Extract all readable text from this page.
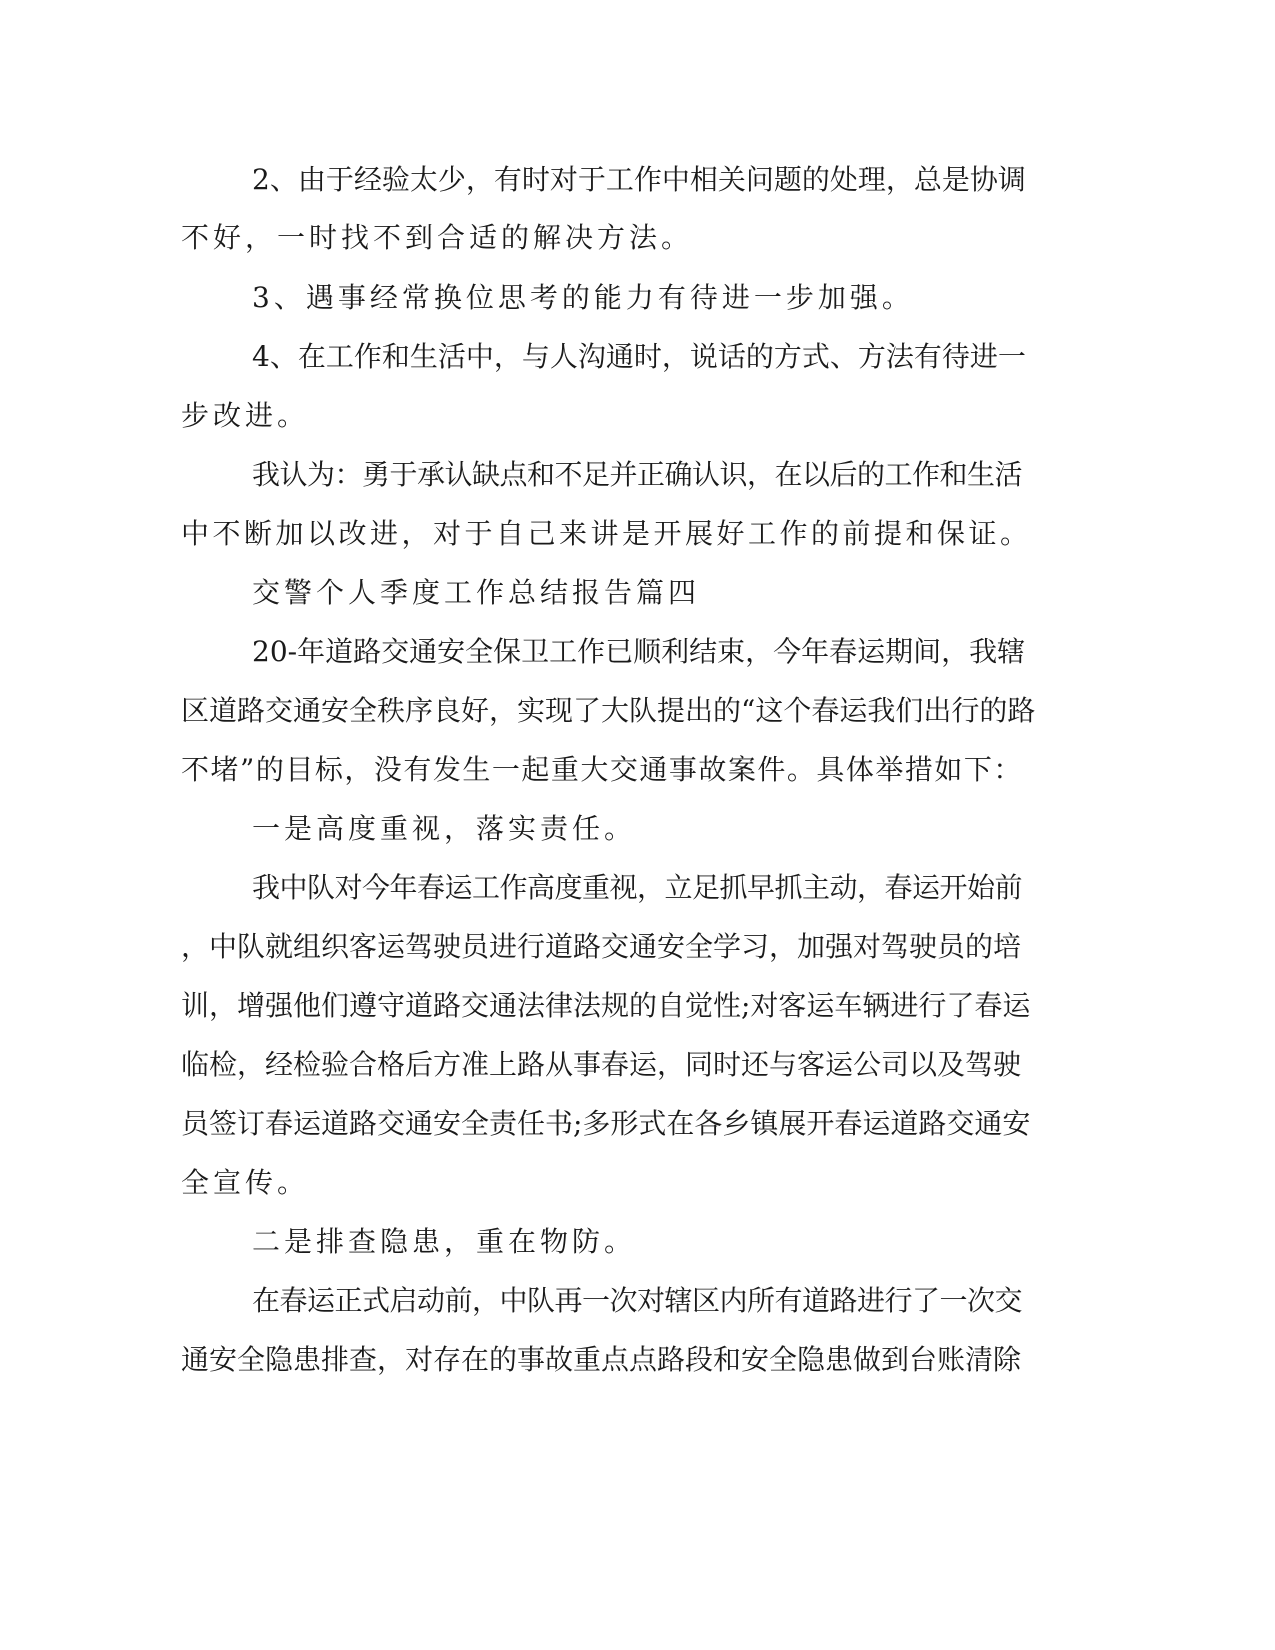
2、由于经验太少，有时对于工作中相关问题的处理，总是协调
不好，一时找不到合适的解决方法。
3、遇事经常换位思考的能力有待进一步加强。
4、在工作和生活中，与人沟通时，说话的方式、方法有待进一
步改进。
我认为：勇于承认缺点和不足并正确认识，在以后的工作和生活
中不断加以改进，对于自己来讲是开展好工作的前提和保证。
交警个人季度工作总结报告篇四
20-年道路交通安全保卫工作已顺利结束，今年春运期间，我辖
区道路交通安全秩序良好，实现了大队提出的“这个春运我们出行的路
不堵”的目标，没有发生一起重大交通事故案件。具体举措如下：
一是高度重视，落实责任。
我中队对今年春运工作高度重视，立足抓早抓主动，春运开始前
，中队就组织客运驾驶员进行道路交通安全学习，加强对驾驶员的培
训，增强他们遵守道路交通法律法规的自觉性;对客运车辆进行了春运
临检，经检验合格后方准上路从事春运，同时还与客运公司以及驾驶
员签订春运道路交通安全责任书;多形式在各乡镇展开春运道路交通安
全宣传。
二是排查隐患，重在物防。
在春运正式启动前，中队再一次对辖区内所有道路进行了一次交
通安全隐患排查，对存在的事故重点点路段和安全隐患做到台账清除
